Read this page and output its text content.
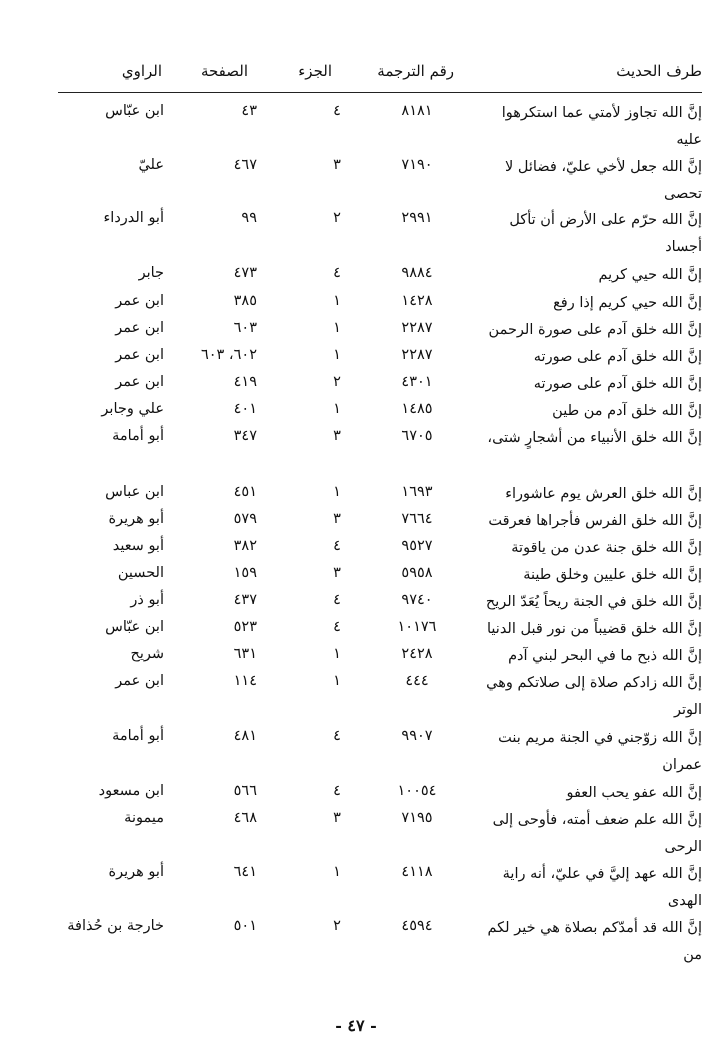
طرف الحديث
رقم الترجمة
الجزء
الصفحة
الراوي
إنَّ الله تجاوز لأمتي عما استكرهوا عليه
٨١٨١
٤
٤٣
ابن عبّاس
إنَّ الله جعل لأخي عليّ، فضائل لا تحصى
٧١٩٠
٣
٤٦٧
عليّ
إنَّ الله حرّم على الأرض أن تأكل أجساد
٢٩٩١
٢
٩٩
أبو الدرداء
إنَّ الله حيي كريم
٩٨٨٤
٤
٤٧٣
جابر
إنَّ الله حيي كريم إذا رفع
١٤٢٨
١
٣٨٥
ابن عمر
إنَّ الله خلق آدم على صورة الرحمن
٢٢٨٧
١
٦٠٣
ابن عمر
إنَّ الله خلق آدم على صورته
٢٢٨٧
١
٦٠٢، ٦٠٣
ابن عمر
إنَّ الله خلق آدم على صورته
٤٣٠١
٢
٤١٩
ابن عمر
إنَّ الله خلق آدم من طين
١٤٨٥
١
٤٠١
علي وجابر
إنَّ الله خلق الأنبياء من أشجارٍ شتى،
٦٧٠٥
٣
٣٤٧
أبو أمامة
إنَّ الله خلق العرش يوم عاشوراء
١٦٩٣
١
٤٥١
ابن عباس
إنَّ الله خلق الفرس فأجراها فعرقت
٧٦٦٤
٣
٥٧٩
أبو هريرة
إنَّ الله خلق جنة عدن من ياقوتة
٩٥٢٧
٤
٣٨٢
أبو سعيد
إنَّ الله خلق عليين وخلق طينة
٥٩٥٨
٣
١٥٩
الحسين
إنَّ الله خلق في الجنة ريحاً يُعَدّ الريح
٩٧٤٠
٤
٤٣٧
أبو ذر
إنَّ الله خلق قضيباً من نور قبل الدنيا
١٠١٧٦
٤
٥٢٣
ابن عبّاس
إنَّ الله ذبح ما في البحر لبني آدم
٢٤٢٨
١
٦٣١
شريح
إنَّ الله زادكم صلاة إلى صلاتكم وهي الوتر
٤٤٤
١
١١٤
ابن عمر
إنَّ الله زوّجني في الجنة مريم بنت عمران
٩٩٠٧
٤
٤٨١
أبو أمامة
إنَّ الله عفو يحب العفو
١٠٠٥٤
٤
٥٦٦
ابن مسعود
إنَّ الله علم ضعف أمته، فأوحى إلى الرحى
٧١٩٥
٣
٤٦٨
ميمونة
إنَّ الله عهد إليَّ في عليّ، أنه راية الهدى
٤١١٨
١
٦٤١
أبو هريرة
إنَّ الله قد أمدّكم بصلاة هي خير لكم من
٤٥٩٤
٢
٥٠١
خارجة بن حُذافة
- ٤٧ -
